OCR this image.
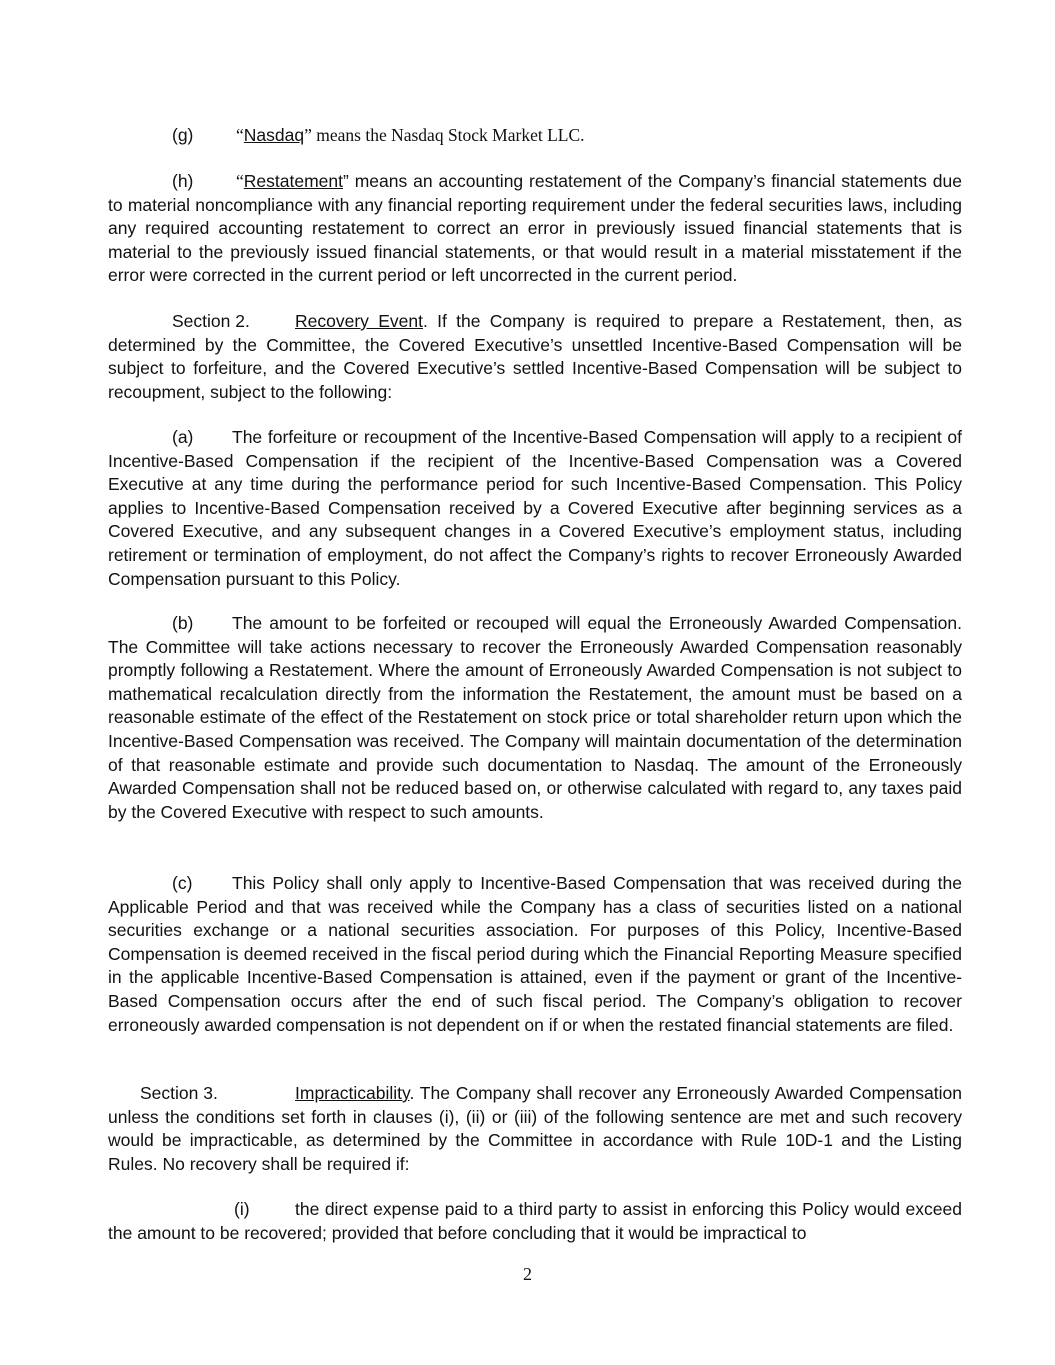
(g) “Nasdaq” means the Nasdaq Stock Market LLC.

(h) “Restatement” means an accounting restatement of the Company’s financial statements due to material noncompliance with any financial reporting requirement under the federal securities laws, including any required accounting restatement to correct an error in previously issued financial statements that is material to the previously issued financial statements, or that would result in a material misstatement if the error were corrected in the current period or left uncorrected in the current period.

Section 2.	Recovery Event. If the Company is required to prepare a Restatement, then, as determined by the Committee, the Covered Executive’s unsettled Incentive-Based Compensation will be subject to forfeiture, and the Covered Executive’s settled Incentive-Based Compensation will be subject to recoupment, subject to the following:

(a) The forfeiture or recoupment of the Incentive-Based Compensation will apply to a recipient of Incentive-Based Compensation if the recipient of the Incentive-Based Compensation was a Covered Executive at any time during the performance period for such Incentive-Based Compensation. This Policy applies to Incentive-Based Compensation received by a Covered Executive after beginning services as a Covered Executive, and any subsequent changes in a Covered Executive’s employment status, including retirement or termination of employment, do not affect the Company’s rights to recover Erroneously Awarded Compensation pursuant to this Policy.

(b) The amount to be forfeited or recouped will equal the Erroneously Awarded Compensation. The Committee will take actions necessary to recover the Erroneously Awarded Compensation reasonably promptly following a Restatement. Where the amount of Erroneously Awarded Compensation is not subject to mathematical recalculation directly from the information the Restatement, the amount must be based on a reasonable estimate of the effect of the Restatement on stock price or total shareholder return upon which the Incentive-Based Compensation was received. The Company will maintain documentation of the determination of that reasonable estimate and provide such documentation to Nasdaq. The amount of the Erroneously Awarded Compensation shall not be reduced based on, or otherwise calculated with regard to, any taxes paid by the Covered Executive with respect to such amounts.

(c) This Policy shall only apply to Incentive-Based Compensation that was received during the Applicable Period and that was received while the Company has a class of securities listed on a national securities exchange or a national securities association. For purposes of this Policy, Incentive-Based Compensation is deemed received in the fiscal period during which the Financial Reporting Measure specified in the applicable Incentive-Based Compensation is attained, even if the payment or grant of the Incentive-Based Compensation occurs after the end of such fiscal period. The Company’s obligation to recover erroneously awarded compensation is not dependent on if or when the restated financial statements are filed.

Section 3.	Impracticability. The Company shall recover any Erroneously Awarded Compensation unless the conditions set forth in clauses (i), (ii) or (iii) of the following sentence are met and such recovery would be impracticable, as determined by the Committee in accordance with Rule 10D-1 and the Listing Rules. No recovery shall be required if:

(i)	the direct expense paid to a third party to assist in enforcing this Policy would exceed the amount to be recovered; provided that before concluding that it would be impractical to

2
